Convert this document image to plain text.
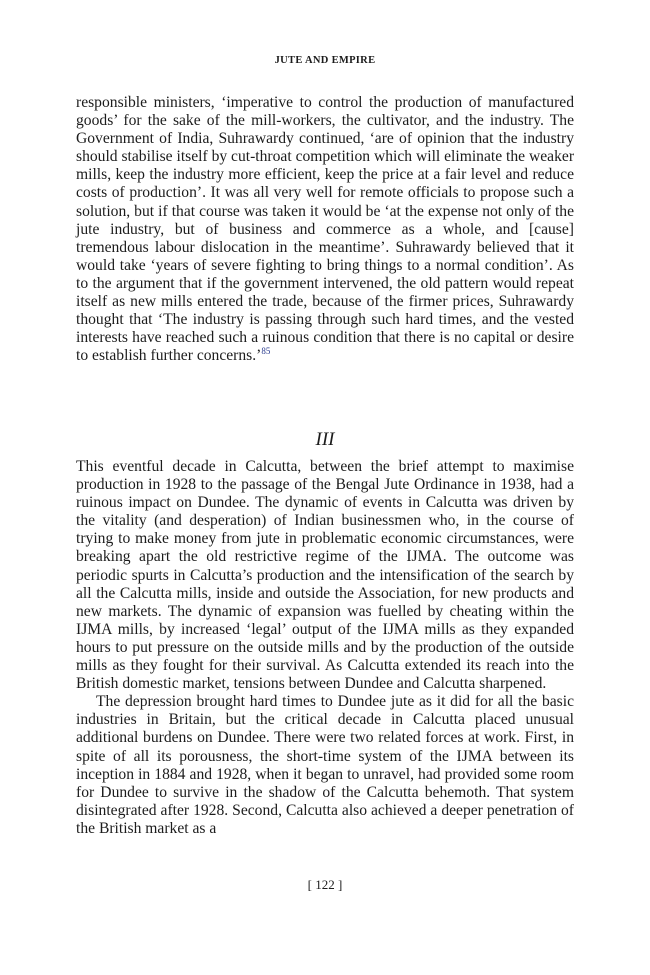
JUTE AND EMPIRE

responsible ministers, ‘imperative to control the production of manufactured goods’ for the sake of the mill-workers, the cultivator, and the industry. The Government of India, Suhrawardy continued, ‘are of opinion that the industry should stabilise itself by cut-throat competition which will eliminate the weaker mills, keep the industry more efficient, keep the price at a fair level and reduce costs of production’. It was all very well for remote officials to propose such a solution, but if that course was taken it would be ‘at the expense not only of the jute industry, but of business and commerce as a whole, and [cause] tremendous labour dislocation in the meantime’. Suhrawardy believed that it would take ‘years of severe fighting to bring things to a normal condition’. As to the argument that if the government intervened, the old pattern would repeat itself as new mills entered the trade, because of the firmer prices, Suhrawardy thought that ‘The industry is passing through such hard times, and the vested interests have reached such a ruinous condition that there is no capital or desire to establish further concerns.’$^{85}$

III

This eventful decade in Calcutta, between the brief attempt to maximise production in 1928 to the passage of the Bengal Jute Ordinance in 1938, had a ruinous impact on Dundee. The dynamic of events in Calcutta was driven by the vitality (and desperation) of Indian businessmen who, in the course of trying to make money from jute in problematic economic circumstances, were breaking apart the old restrictive regime of the IJMA. The outcome was periodic spurts in Calcutta’s production and the intensification of the search by all the Calcutta mills, inside and outside the Association, for new products and new markets. The dynamic of expansion was fuelled by cheating within the IJMA mills, by increased ‘legal’ output of the IJMA mills as they expanded hours to put pressure on the outside mills and by the production of the outside mills as they fought for their survival. As Calcutta extended its reach into the British domestic market, tensions between Dundee and Calcutta sharpened.

The depression brought hard times to Dundee jute as it did for all the basic industries in Britain, but the critical decade in Calcutta placed unusual additional burdens on Dundee. There were two related forces at work. First, in spite of all its porousness, the short-time system of the IJMA between its inception in 1884 and 1928, when it began to unravel, had provided some room for Dundee to survive in the shadow of the Calcutta behemoth. That system disintegrated after 1928. Second, Calcutta also achieved a deeper penetration of the British market as a

[ 122 ]
